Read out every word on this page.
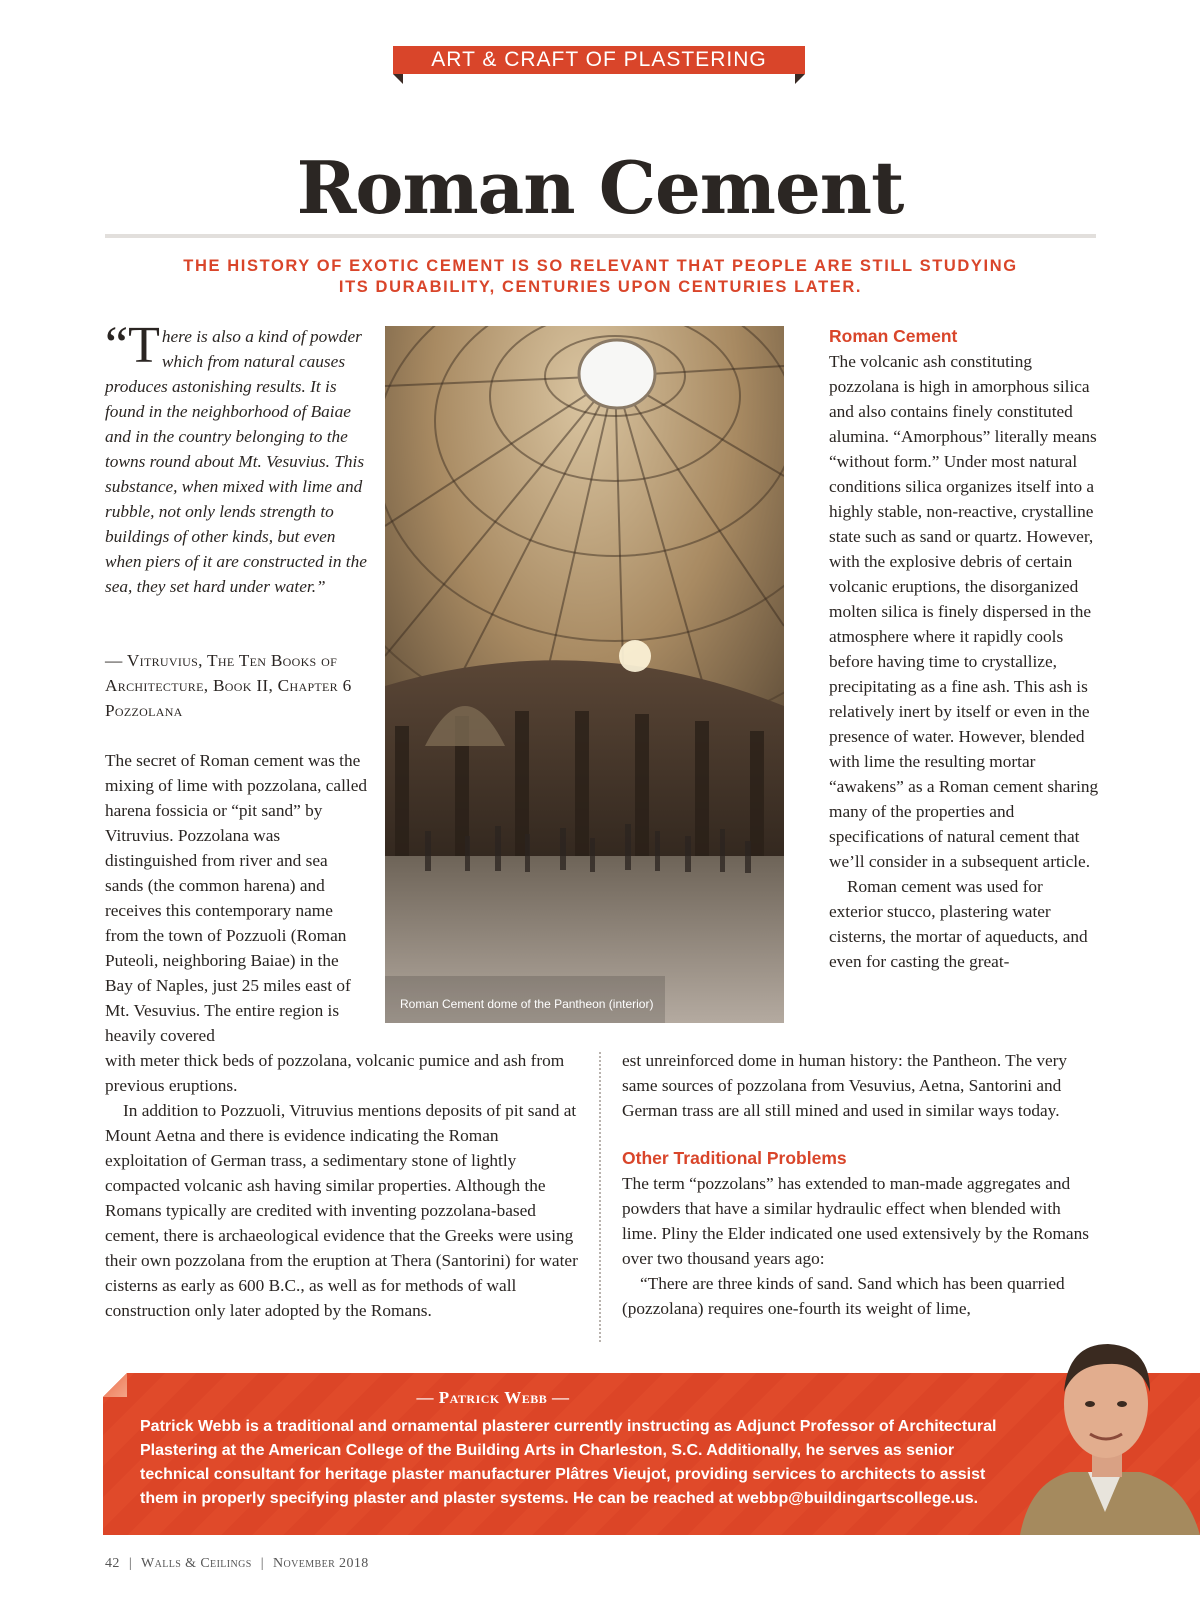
ART & CRAFT OF PLASTERING
Roman Cement
THE HISTORY OF EXOTIC CEMENT IS SO RELEVANT THAT PEOPLE ARE STILL STUDYING
ITS DURABILITY, CENTURIES UPON CENTURIES LATER.
“There is also a kind of powder which from natural causes produces astonishing results. It is found in the neighborhood of Baiae and in the country belonging to the towns round about Mt. Vesuvius. This substance, when mixed with lime and rubble, not only lends strength to buildings of other kinds, but even when piers of it are constructed in the sea, they set hard under water.”
— Vitruvius, The Ten Books of Architecture, Book II, Chapter 6 Pozzolana

The secret of Roman cement was the mixing of lime with pozzolana, called harena fossicia or “pit sand” by Vitruvius. Pozzolana was distinguished from river and sea sands (the common harena) and receives this contemporary name from the town of Pozzuoli (Roman Puteoli, neighboring Baiae) in the Bay of Naples, just 25 miles east of Mt. Vesuvius. The entire region is heavily covered

Roman Cement dome of the Pantheon (interior)

with meter thick beds of pozzolana, volcanic pumice and ash from previous eruptions.

In addition to Pozzuoli, Vitruvius mentions deposits of pit sand at Mount Aetna and there is evidence indicating the Roman exploitation of German trass, a sedimentary stone of lightly compacted volcanic ash having similar properties. Although the Romans typically are credited with inventing pozzolana-based cement, there is archaeological evidence that the Greeks were using their own pozzolana from the eruption at Thera (Santorini) for water cisterns as early as 600 B.C., as well as for methods of wall construction only later adopted by the Romans.

Roman Cement

The volcanic ash constituting pozzolana is high in amorphous silica and also contains finely constituted alumina. “Amorphous” literally means “without form.” Under most natural conditions silica organizes itself into a highly stable, non-reactive, crystalline state such as sand or quartz. However, with the explosive debris of certain volcanic eruptions, the disorganized molten silica is finely dispersed in the atmosphere where it rapidly cools before having time to crystallize, precipitating as a fine ash. This ash is relatively inert by itself or even in the presence of water. However, blended with lime the resulting mortar “awakens” as a Roman cement sharing many of the properties and specifications of natural cement that we’ll consider in a subsequent article.

Roman cement was used for exterior stucco, plastering water cisterns, the mortar of aqueducts, and even for casting the great-

est unreinforced dome in human history: the Pantheon. The very same sources of pozzolana from Vesuvius, Aetna, Santorini and German trass are all still mined and used in similar ways today.

Other Traditional Problems

The term “pozzolans” has extended to man-made aggregates and powders that have a similar hydraulic effect when blended with lime. Pliny the Elder indicated one used extensively by the Romans over two thousand years ago:

“There are three kinds of sand. Sand which has been quarried (pozzolana) requires one-fourth its weight of lime,

— Patrick Webb —
Patrick Webb is a traditional and ornamental plasterer currently instructing as Adjunct Professor of Architectural Plastering at the American College of the Building Arts in Charleston, S.C. Additionally, he serves as senior technical consultant for heritage plaster manufacturer Plâtres Vieujot, providing services to architects to assist them in properly specifying plaster and plaster systems. He can be reached at webbp@buildingartscollege.us.
42 | Walls & Ceilings | November 2018
